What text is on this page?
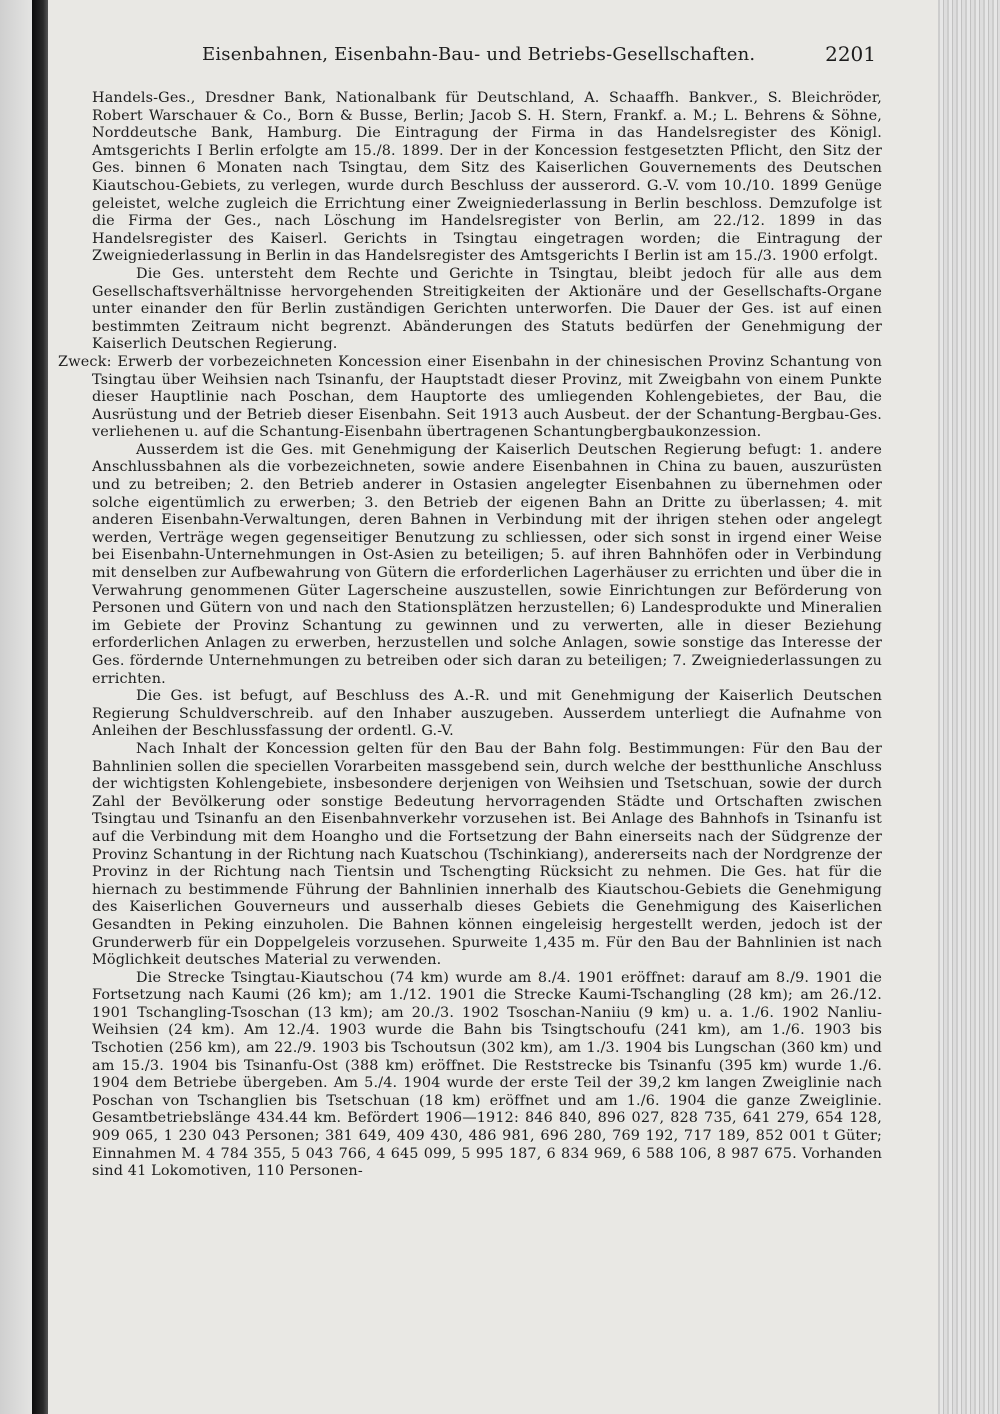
Eisenbahnen, Eisenbahn-Bau- und Betriebs-Gesellschaften.	2201

Handels-Ges., Dresdner Bank, Nationalbank für Deutschland, A. Schaaffh. Bankver., S. Bleichröder, Robert Warschauer & Co., Born & Busse, Berlin; Jacob S. H. Stern, Frankf. a. M.; L. Behrens & Söhne, Norddeutsche Bank, Hamburg. Die Eintragung der Firma in das Handelsregister des Königl. Amtsgerichts I Berlin erfolgte am 15./8. 1899. Der in der Koncession festgesetzten Pflicht, den Sitz der Ges. binnen 6 Monaten nach Tsingtau, dem Sitz des Kaiserlichen Gouvernements des Deutschen Kiautschou-Gebiets, zu verlegen, wurde durch Beschluss der ausserord. G.-V. vom 10./10. 1899 Genüge geleistet, welche zugleich die Errichtung einer Zweigniederlassung in Berlin beschloss. Demzufolge ist die Firma der Ges., nach Löschung im Handelsregister von Berlin, am 22./12. 1899 in das Handelsregister des Kaiserl. Gerichts in Tsingtau eingetragen worden; die Eintragung der Zweigniederlassung in Berlin in das Handelsregister des Amtsgerichts I Berlin ist am 15./3. 1900 erfolgt.

Die Ges. untersteht dem Rechte und Gerichte in Tsingtau, bleibt jedoch für alle aus dem Gesellschaftsverhältnisse hervorgehenden Streitigkeiten der Aktionäre und der Gesellschafts-Organe unter einander den für Berlin zuständigen Gerichten unterworfen. Die Dauer der Ges. ist auf einen bestimmten Zeitraum nicht begrenzt. Abänderungen des Statuts bedürfen der Genehmigung der Kaiserlich Deutschen Regierung.

Zweck: Erwerb der vorbezeichneten Koncession einer Eisenbahn in der chinesischen Provinz Schantung von Tsingtau über Weihsien nach Tsinanfu, der Hauptstadt dieser Provinz, mit Zweigbahn von einem Punkte dieser Hauptlinie nach Poschan, dem Hauptorte des umliegenden Kohlengebietes, der Bau, die Ausrüstung und der Betrieb dieser Eisenbahn. Seit 1913 auch Ausbeut. der der Schantung-Bergbau-Ges. verliehenen u. auf die Schantung-Eisenbahn übertragenen Schantungbergbaukonzession.

Ausserdem ist die Ges. mit Genehmigung der Kaiserlich Deutschen Regierung befugt: 1. andere Anschlussbahnen als die vorbezeichneten, sowie andere Eisenbahnen in China zu bauen, auszurüsten und zu betreiben; 2. den Betrieb anderer in Ostasien angelegter Eisenbahnen zu übernehmen oder solche eigentümlich zu erwerben; 3. den Betrieb der eigenen Bahn an Dritte zu überlassen; 4. mit anderen Eisenbahn-Verwaltungen, deren Bahnen in Verbindung mit der ihrigen stehen oder angelegt werden, Verträge wegen gegenseitiger Benutzung zu schliessen, oder sich sonst in irgend einer Weise bei Eisenbahn-Unternehmungen in Ost-Asien zu beteiligen; 5. auf ihren Bahnhöfen oder in Verbindung mit denselben zur Aufbewahrung von Gütern die erforderlichen Lagerhäuser zu errichten und über die in Verwahrung genommenen Güter Lagerscheine auszustellen, sowie Einrichtungen zur Beförderung von Personen und Gütern von und nach den Stationsplätzen herzustellen; 6) Landesprodukte und Mineralien im Gebiete der Provinz Schantung zu gewinnen und zu verwerten, alle in dieser Beziehung erforderlichen Anlagen zu erwerben, herzustellen und solche Anlagen, sowie sonstige das Interesse der Ges. fördernde Unternehmungen zu betreiben oder sich daran zu beteiligen; 7. Zweigniederlassungen zu errichten.

Die Ges. ist befugt, auf Beschluss des A.-R. und mit Genehmigung der Kaiserlich Deutschen Regierung Schuldverschreib. auf den Inhaber auszugeben. Ausserdem unterliegt die Aufnahme von Anleihen der Beschlussfassung der ordentl. G.-V.

Nach Inhalt der Koncession gelten für den Bau der Bahn folg. Bestimmungen: Für den Bau der Bahnlinien sollen die speciellen Vorarbeiten massgebend sein, durch welche der bestthunliche Anschluss der wichtigsten Kohlengebiete, insbesondere derjenigen von Weihsien und Tsetschuan, sowie der durch Zahl der Bevölkerung oder sonstige Bedeutung hervorragenden Städte und Ortschaften zwischen Tsingtau und Tsinanfu an den Eisenbahnverkehr vorzusehen ist. Bei Anlage des Bahnhofs in Tsinanfu ist auf die Verbindung mit dem Hoangho und die Fortsetzung der Bahn einerseits nach der Südgrenze der Provinz Schantung in der Richtung nach Kuatschou (Tschinkiang), andererseits nach der Nordgrenze der Provinz in der Richtung nach Tientsin und Tschengting Rücksicht zu nehmen. Die Ges. hat für die hiernach zu bestimmende Führung der Bahnlinien innerhalb des Kiautschou-Gebiets die Genehmigung des Kaiserlichen Gouverneurs und ausserhalb dieses Gebiets die Genehmigung des Kaiserlichen Gesandten in Peking einzuholen. Die Bahnen können eingeleisig hergestellt werden, jedoch ist der Grunderwerb für ein Doppelgeleis vorzusehen. Spurweite 1,435 m. Für den Bau der Bahnlinien ist nach Möglichkeit deutsches Material zu verwenden.

Die Strecke Tsingtau-Kiautschou (74 km) wurde am 8./4. 1901 eröffnet: darauf am 8./9. 1901 die Fortsetzung nach Kaumi (26 km); am 1./12. 1901 die Strecke Kaumi-Tschangling (28 km); am 26./12. 1901 Tschangling-Tsoschan (13 km); am 20./3. 1902 Tsoschan-Naniiu (9 km) u. a. 1./6. 1902 Nanliu-Weihsien (24 km). Am 12./4. 1903 wurde die Bahn bis Tsingtschoufu (241 km), am 1./6. 1903 bis Tschotien (256 km), am 22./9. 1903 bis Tschoutsun (302 km), am 1./3. 1904 bis Lungschan (360 km) und am 15./3. 1904 bis Tsinanfu-Ost (388 km) eröffnet. Die Reststrecke bis Tsinanfu (395 km) wurde 1./6. 1904 dem Betriebe übergeben. Am 5./4. 1904 wurde der erste Teil der 39,2 km langen Zweiglinie nach Poschan von Tschanglien bis Tsetschuan (18 km) eröffnet und am 1./6. 1904 die ganze Zweiglinie. Gesamtbetriebslänge 434.44 km. Befördert 1906—1912: 846 840, 896 027, 828 735, 641 279, 654 128, 909 065, 1 230 043 Personen; 381 649, 409 430, 486 981, 696 280, 769 192, 717 189, 852 001 t Güter; Einnahmen M. 4 784 355, 5 043 766, 4 645 099, 5 995 187, 6 834 969, 6 588 106, 8 987 675. Vorhanden sind 41 Lokomotiven, 110 Personen-
